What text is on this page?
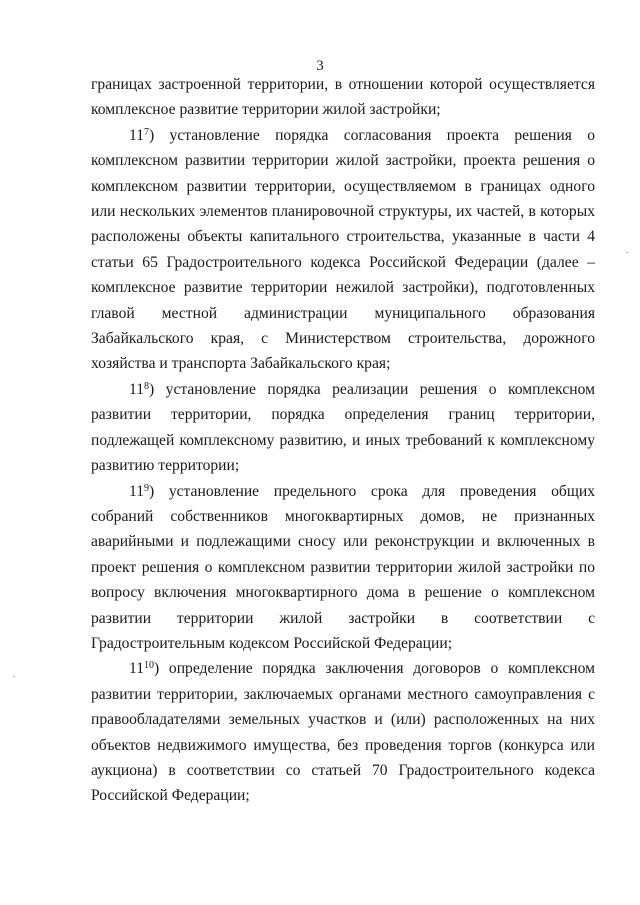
3

границах застроенной территории, в отношении которой осуществляется комплексное развитие территории жилой застройки;

$11^7$) установление порядка согласования проекта решения о комплексном развитии территории жилой застройки, проекта решения о комплексном развитии территории, осуществляемом в границах одного или нескольких элементов планировочной структуры, их частей, в которых расположены объекты капитального строительства, указанные в части 4 статьи 65 Градостроительного кодекса Российской Федерации (далее – комплексное развитие территории нежилой застройки), подготовленных главой местной администрации муниципального образования Забайкальского края, с Министерством строительства, дорожного хозяйства и транспорта Забайкальского края;

$11^8$) установление порядка реализации решения о комплексном развитии территории, порядка определения границ территории, подлежащей комплексному развитию, и иных требований к комплексному развитию территории;

$11^9$) установление предельного срока для проведения общих собраний собственников многоквартирных домов, не признанных аварийными и подлежащими сносу или реконструкции и включенных в проект решения о комплексном развитии территории жилой застройки по вопросу включения многоквартирного дома в решение о комплексном развитии территории жилой застройки в соответствии с Градостроительным кодексом Российской Федерации;

$11^{10}$) определение порядка заключения договоров о комплексном развитии территории, заключаемых органами местного самоуправления с правообладателями земельных участков и (или) расположенных на них объектов недвижимого имущества, без проведения торгов (конкурса или аукциона) в соответствии со статьей 70 Градостроительного кодекса Российской Федерации;
